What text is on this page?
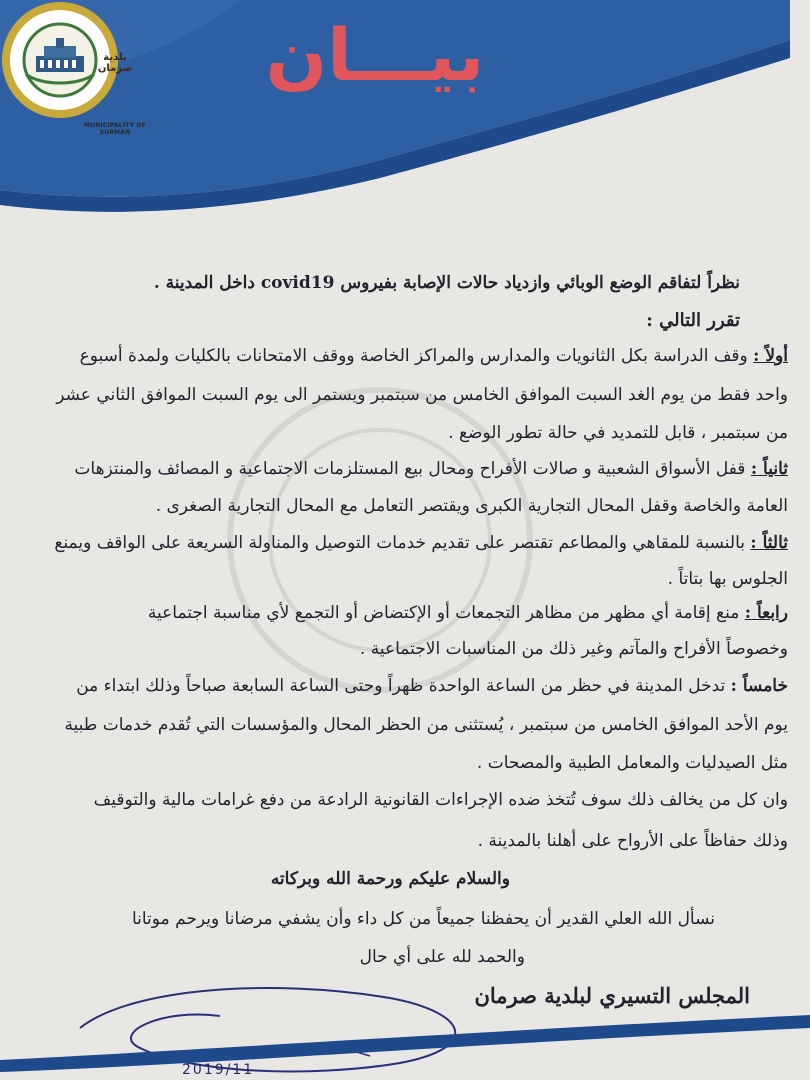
بيـــان
بلدية صرمان
MUNICIPALITY OF SURMAN
نظراً لتفاقم الوضع الوبائي وازدياد حالات الإصابة بفيروس covid19 داخل المدينة .
تقرر التالي :
أولاً : وقف الدراسة بكل الثانويات والمدارس والمراكز الخاصة ووقف الامتحانات بالكليات ولمدة أسبوع
واحد فقط من يوم الغد السبت الموافق الخامس من سبتمبر ويستمر الى يوم السبت الموافق الثاني عشر
من سبتمبر ، قابل للتمديد في حالة تطور الوضع .
ثانياً : قفل الأسواق الشعبية و صالات الأفراح ومحال بيع المستلزمات الاجتماعية و المصائف والمنتزهات
العامة والخاصة وقفل المحال التجارية الكبرى ويقتصر التعامل مع المحال التجارية الصغرى .
ثالثاً : بالنسبة للمقاهي والمطاعم تقتصر على تقديم خدمات التوصيل والمناولة السريعة على الواقف ويمنع
الجلوس بها بتاتاً .
رابعاً : منع إقامة أي مظهر من مظاهر التجمعات أو الإكتضاض أو التجمع لأي مناسبة اجتماعية
وخصوصاً الأفراح والمآتم وغير ذلك من المناسبات الاجتماعية .
خامساً : تدخل المدينة في حظر من الساعة الواحدة ظهراً وحتى الساعة السابعة صباحاً وذلك ابتداء من
يوم الأحد الموافق الخامس من سبتمبر ، يُستثنى من الحظر المحال والمؤسسات التي تُقدم خدمات طبية
مثل الصيدليات والمعامل الطبية والمصحات .
وان كل من يخالف ذلك سوف تُتخذ ضده الإجراءات القانونية الرادعة من دفع غرامات مالية والتوقيف
وذلك حفاظاً على الأرواح على أهلنا بالمدينة .
والسلام عليكم ورحمة الله وبركاته
نسأل الله العلي القدير أن يحفظنا جميعاً من كل داء وأن يشفي مرضانا ويرحم موتانا
والحمد لله على أي حال
المجلس التسيري لبلدية صرمان
2019/11
